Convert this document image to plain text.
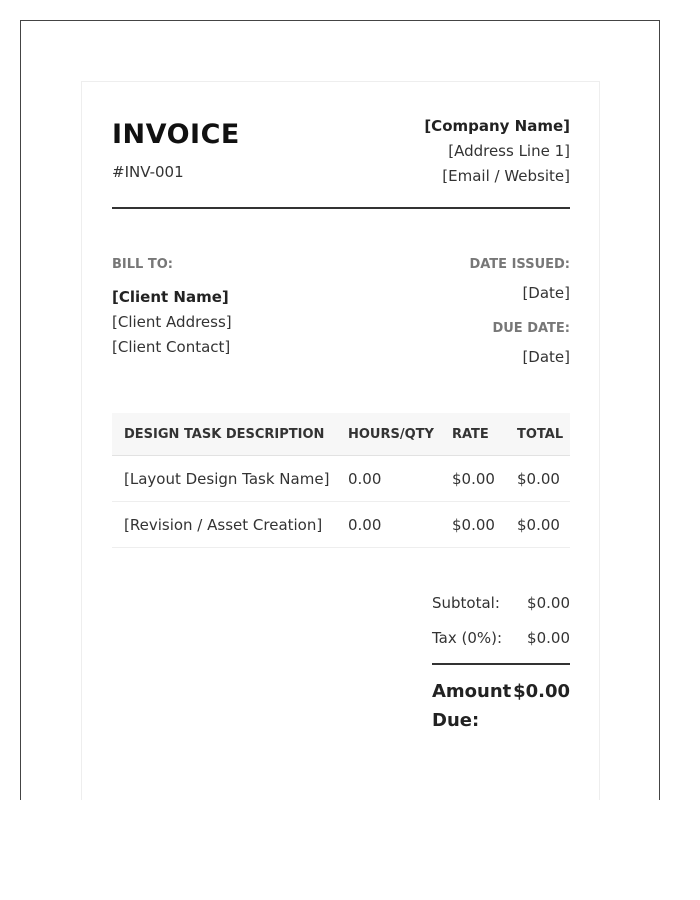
INVOICE
#INV-001
[Company Name]
[Address Line 1]
[Email / Website]
BILL TO:
[Client Name]
[Client Address]
[Client Contact]
DATE ISSUED:
[Date]
DUE DATE:
[Date]
DESIGN TASK DESCRIPTION	HOURS/QTY	RATE	TOTAL
[Layout Design Task Name]	0.00	$0.00	$0.00
[Revision / Asset Creation]	0.00	$0.00	$0.00
Subtotal: $0.00
Tax (0%): $0.00
Amount Due:
$0.00
